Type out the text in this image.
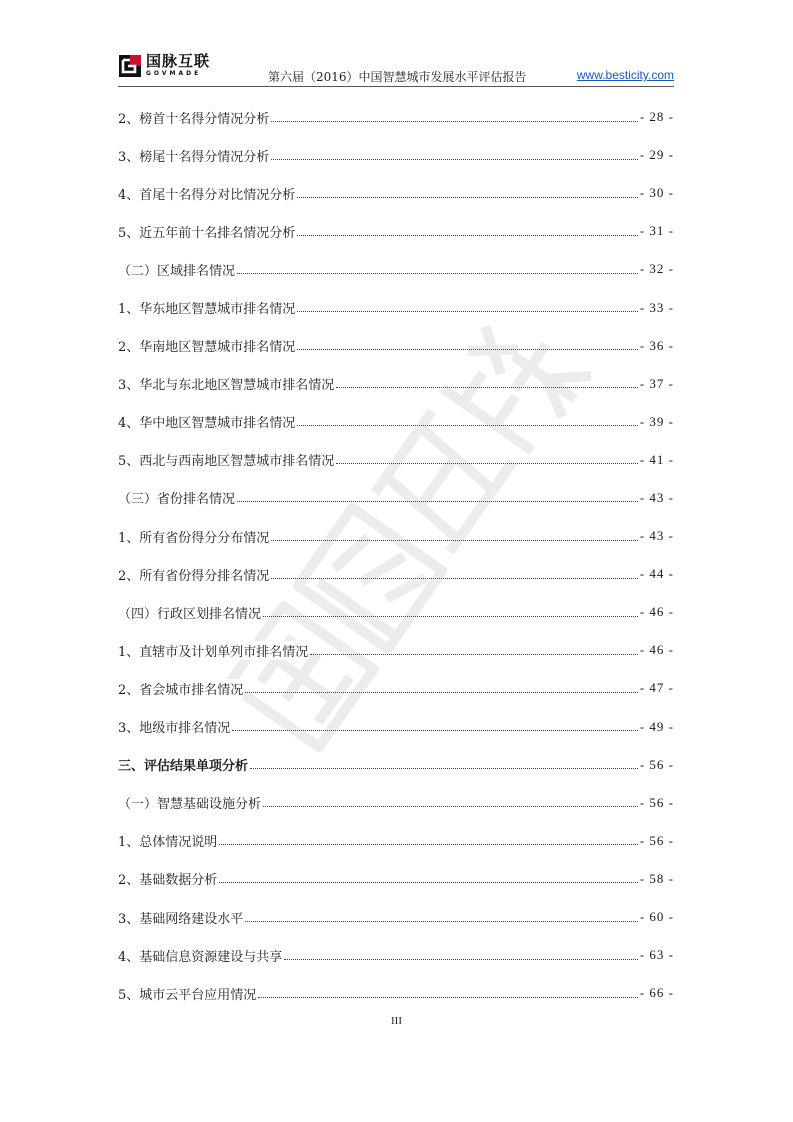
国脉互联
GOVMADE	第六届（2016）中国智慧城市发展水平评估报告	www.besticity.com
2、榜首十名得分情况分析	- 28 -
3、榜尾十名得分情况分析	- 29 -
4、首尾十名得分对比情况分析	- 30 -
5、近五年前十名排名情况分析	- 31 -
（二）区域排名情况	- 32 -
1、华东地区智慧城市排名情况	- 33 -
2、华南地区智慧城市排名情况	- 36 -
3、华北与东北地区智慧城市排名情况	- 37 -
4、华中地区智慧城市排名情况	- 39 -
5、西北与西南地区智慧城市排名情况	- 41 -
（三）省份排名情况	- 43 -
1、所有省份得分分布情况	- 43 -
2、所有省份得分排名情况	- 44 -
（四）行政区划排名情况	- 46 -
1、直辖市及计划单列市排名情况	- 46 -
2、省会城市排名情况	- 47 -
3、地级市排名情况	- 49 -
三、评估结果单项分析	- 56 -
（一）智慧基础设施分析	- 56 -
1、总体情况说明	- 56 -
2、基础数据分析	- 58 -
3、基础网络建设水平	- 60 -
4、基础信息资源建设与共享	- 63 -
5、城市云平台应用情况	- 66 -
III
